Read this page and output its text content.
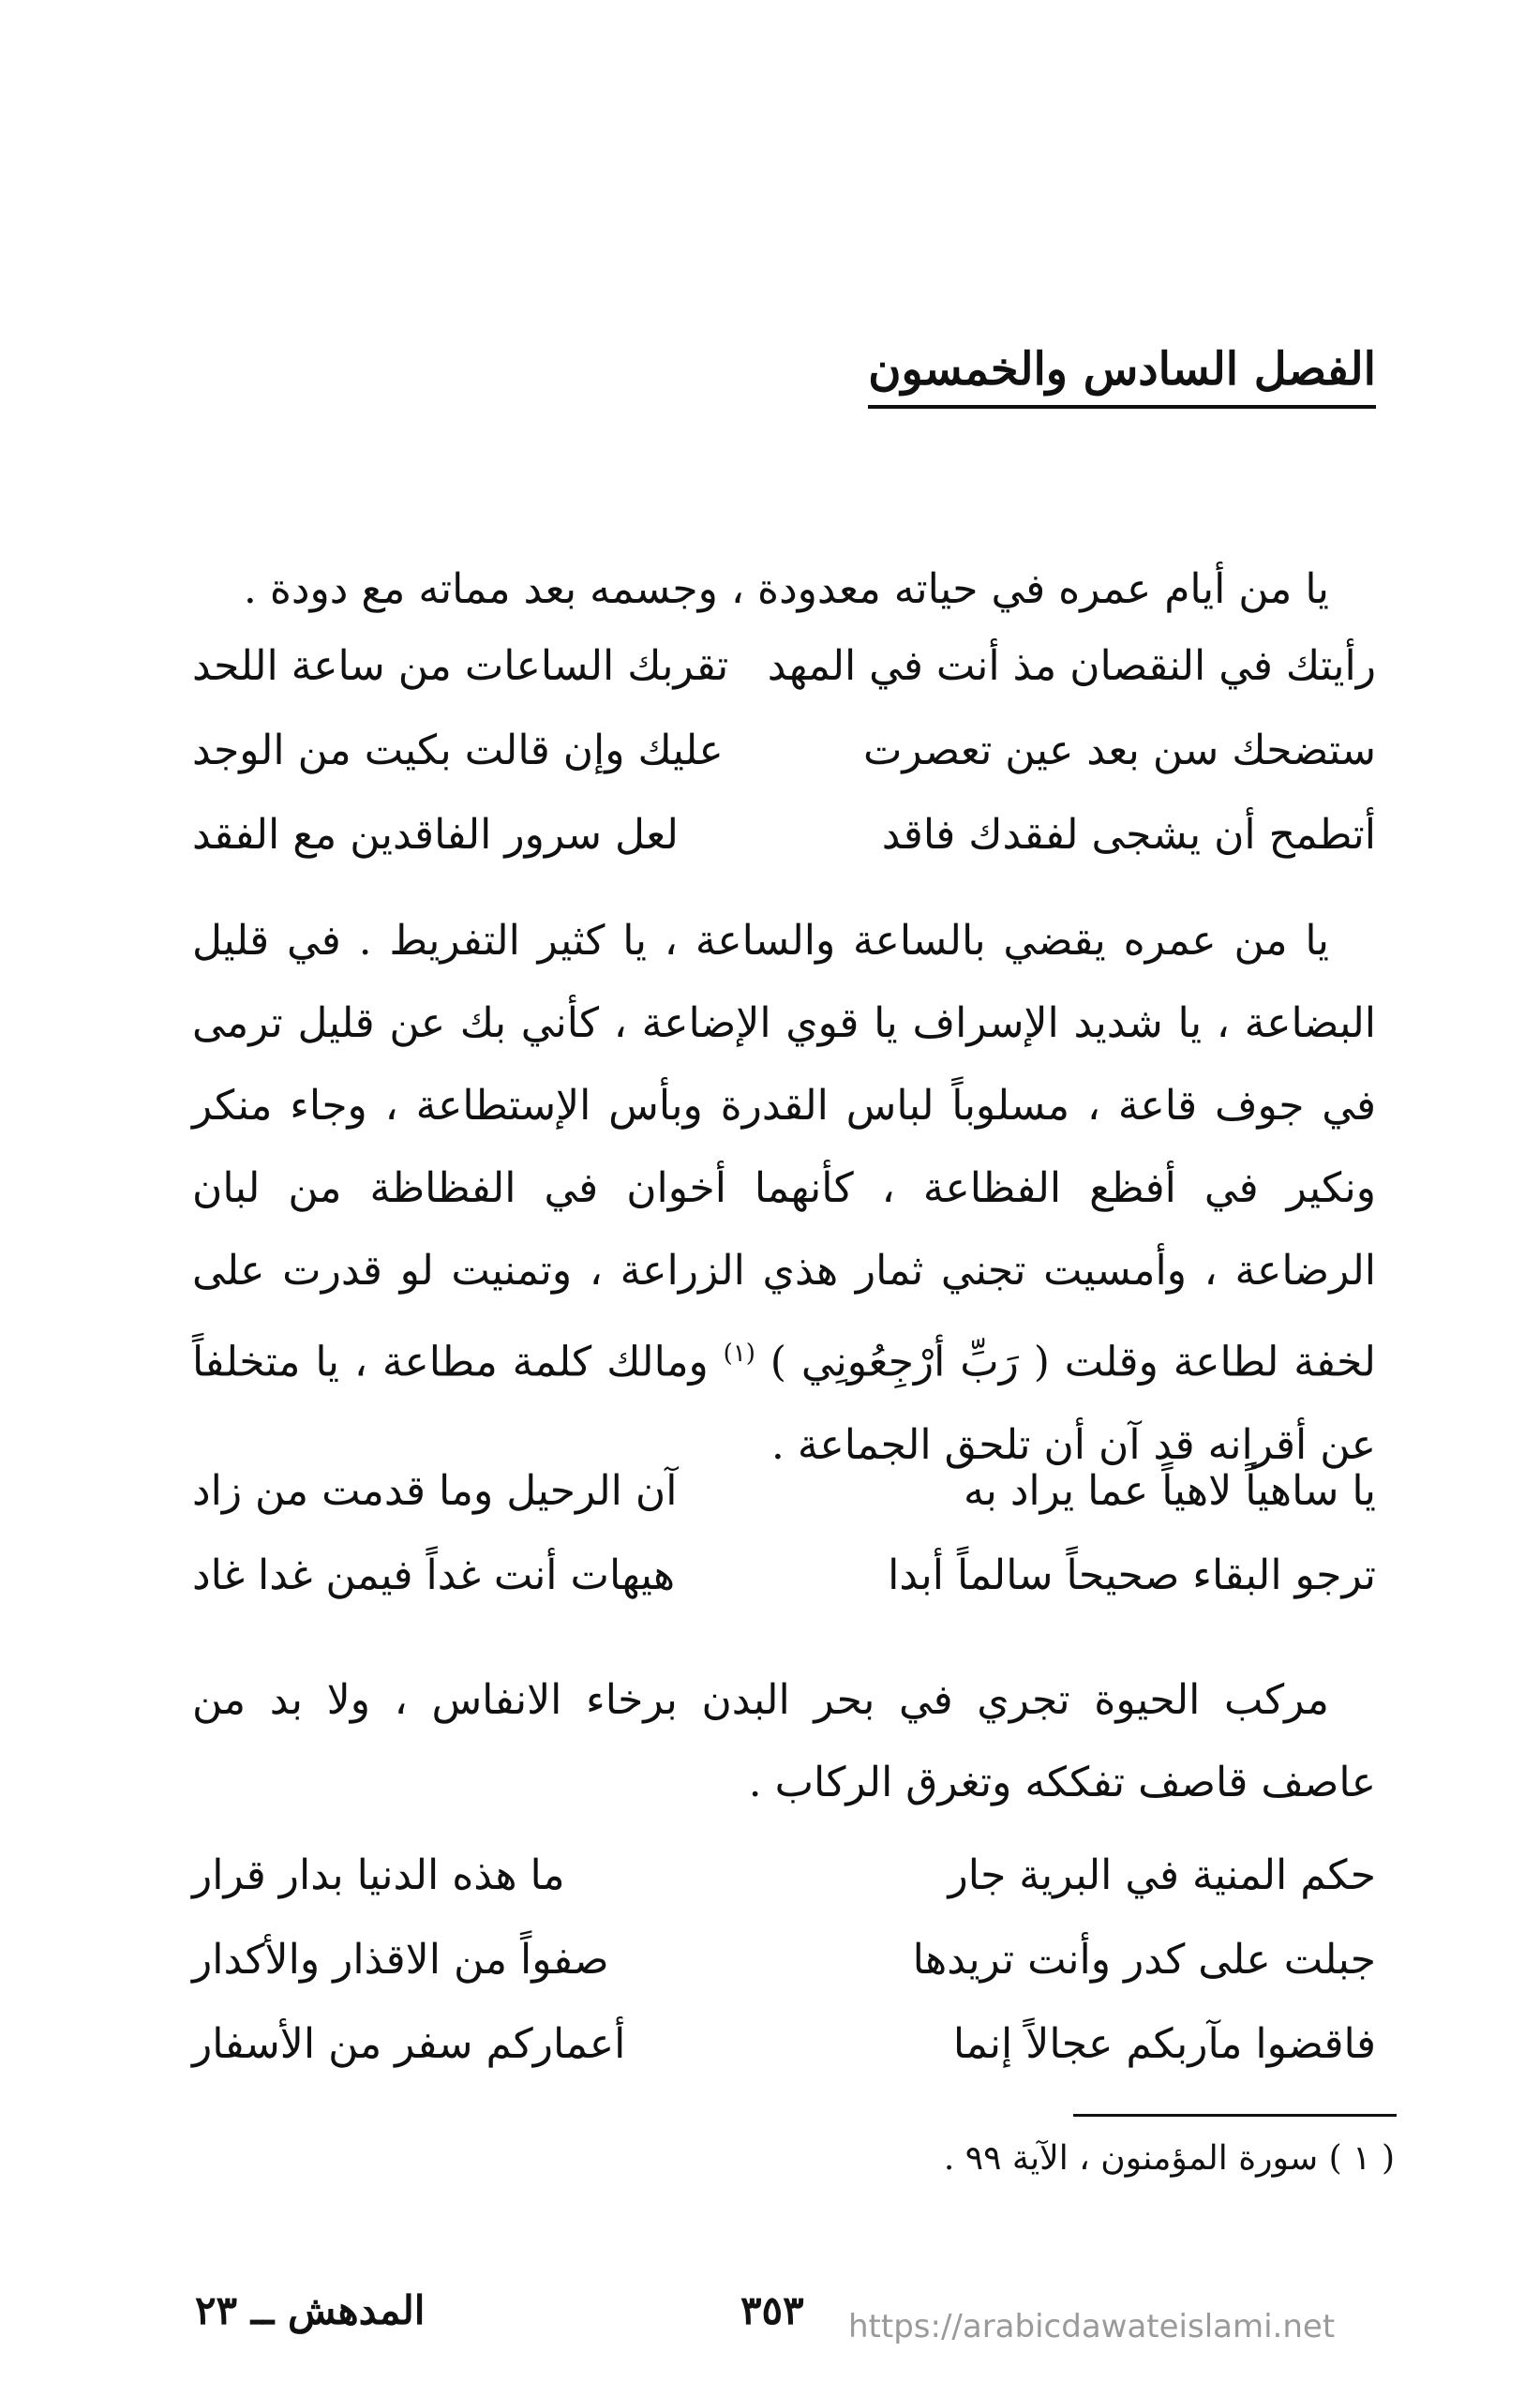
الفصل السادس والخمسون

يا من أيام عمره في حياته معدودة ، وجسمه بعد مماته مع دودة .

رأيتك في النقصان مذ أنت في المهد
تقربك الساعات من ساعة اللحد
ستضحك سن بعد عين تعصرت
عليك وإن قالت بكيت من الوجد
أتطمح أن يشجى لفقدك فاقد
لعل سرور الفاقدين مع الفقد

يا من عمره يقضي بالساعة والساعة ، يا كثير التفريط . في قليل البضاعة ، يا شديد الإسراف يا قوي الإضاعة ، كأني بك عن قليل ترمى في جوف قاعة ، مسلوباً لباس القدرة وبأس الإستطاعة ، وجاء منكر ونكير في أفظع الفظاعة ، كأنهما أخوان في الفظاظة من لبان الرضاعة ، وأمسيت تجني ثمار هذي الزراعة ، وتمنيت لو قدرت على لخفة لطاعة وقلت ( رَبِّ أرْجِعُونِي ) $^{(١)}$ ومالك كلمة مطاعة ، يا متخلفاً عن أقرانه قد آن أن تلحق الجماعة .

يا ساهياً لاهياً عما يراد به
آن الرحيل وما قدمت من زاد
ترجو البقاء صحيحاً سالماً أبدا
هيهات أنت غداً فيمن غدا غاد

مركب الحيوة تجري في بحر البدن برخاء الانفاس ، ولا بد من عاصف قاصف تفككه وتغرق الركاب .

حكم المنية في البرية جار
ما هذه الدنيا بدار قرار
جبلت على كدر وأنت تريدها
صفواً من الاقذار والأكدار
فاقضوا مآربكم عجالاً إنما
أعماركم سفر من الأسفار
( ١ ) سورة المؤمنون ، الآية ٩٩ .
المدهش ــ ٢٣	٣٥٣ https://arabicdawateislami.net
